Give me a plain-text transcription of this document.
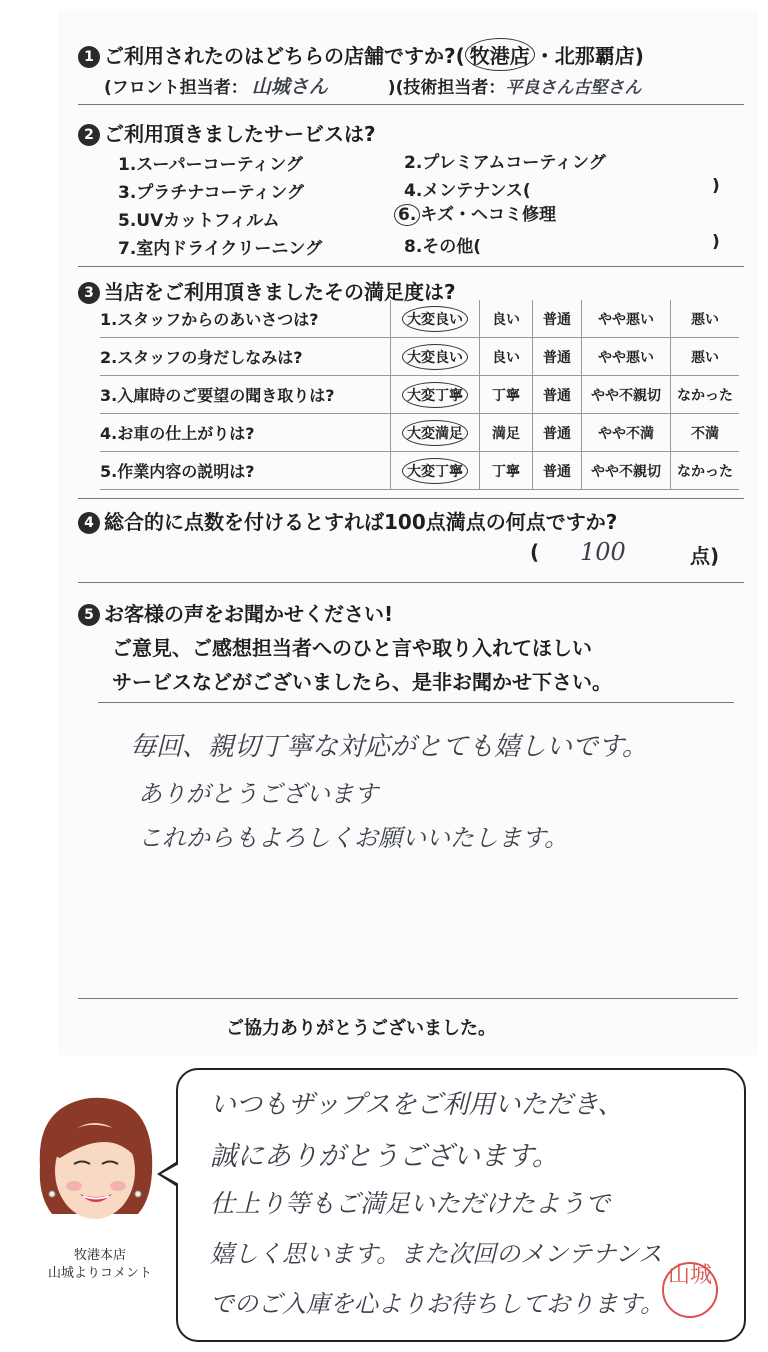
1 ご利用されたのはどちらの店舗ですか?( 牧港店 ・北那覇店)
(フロント担当者： 山城さん	)(技術担当者：平良さん古堅さん
2 ご利用頂きましたサービスは?
1.スーパーコーティング	2.プレミアムコーティング
3.プラチナコーティング	4.メンテナンス(	)
5.UVカットフィルム	6. キズ・ヘコミ修理
7.室内ドライクリーニング	8.その他(	)
3 当店をご利用頂きましたその満足度は?
1.スタッフからのあいさつは?	大変良い	良い	普通	やや悪い	悪い
2.スタッフの身だしなみは?	大変良い	良い	普通	やや悪い	悪い
3.入庫時のご要望の聞き取りは?	大変丁寧	丁寧	普通	やや不親切	なかった
4.お車の仕上がりは?	大変満足	満足	普通	やや不満	不満
5.作業内容の説明は?	大変丁寧	丁寧	普通	やや不親切	なかった
4 総合的に点数を付けるとすれば100点満点の何点ですか?
( 100	点)
5 お客様の声をお聞かせください!
ご意見、ご感想担当者へのひと言や取り入れてほしい
サービスなどがございましたら、是非お聞かせ下さい。
毎回、親切丁寧な対応がとても嬉しいです。
ありがとうございます
これからもよろしくお願いいたします。
ご協力ありがとうございました。
牧港本店
山城よりコメント
いつもザップスをご利用いただき、
誠にありがとうございます。
仕上り等もご満足いただけたようで
嬉しく思います。また次回のメンテナンス
でのご入庫を心よりお待ちしております。
山城
